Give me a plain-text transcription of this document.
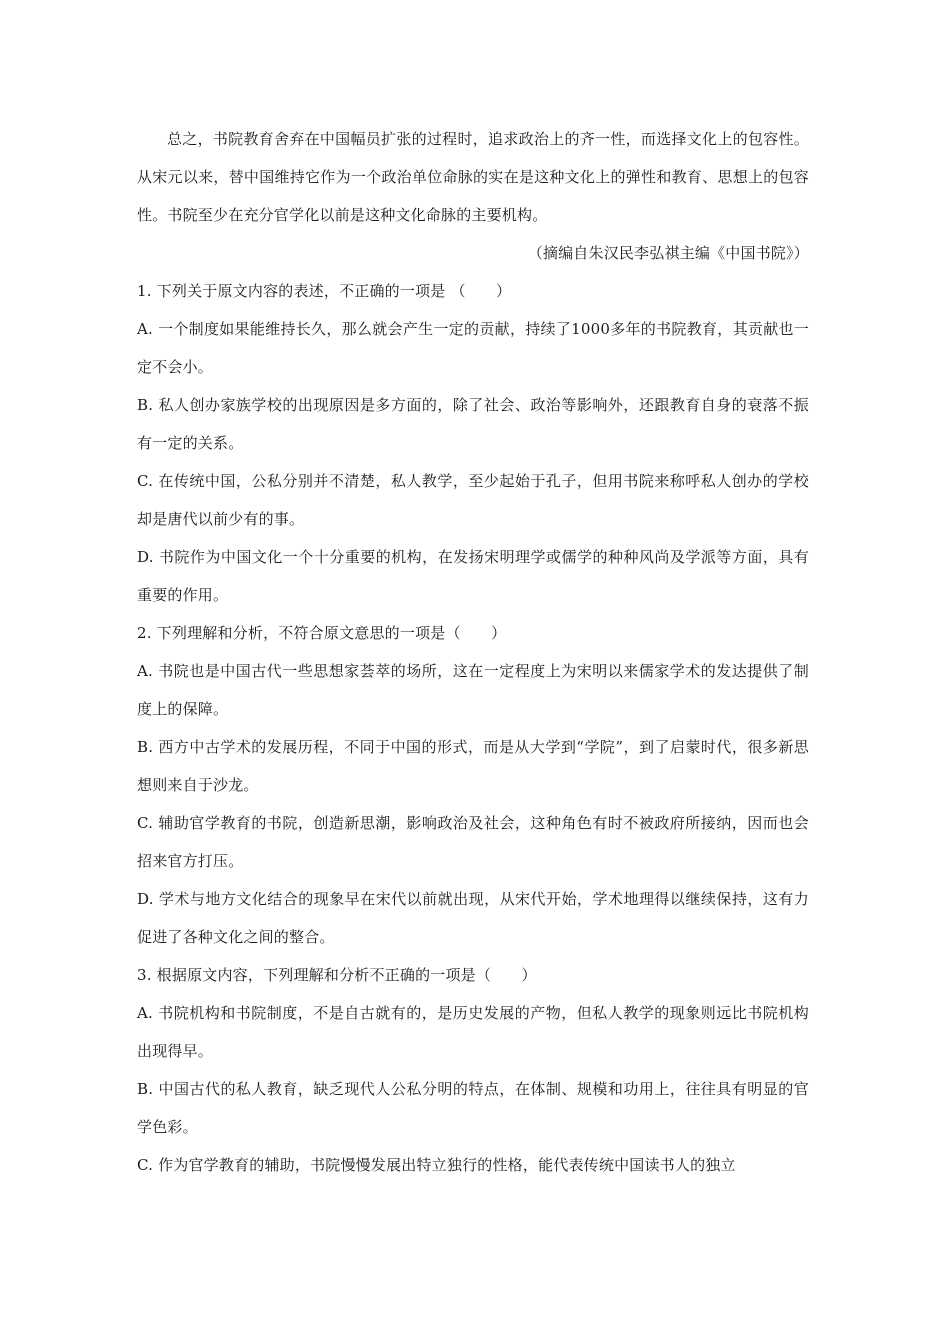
总之，书院教育舍弃在中国幅员扩张的过程时，追求政治上的齐一性，而选择文化上的包容性。从宋元以来，替中国维持它作为一个政治单位命脉的实在是这种文化上的弹性和教育、思想上的包容性。书院至少在充分官学化以前是这种文化命脉的主要机构。

（摘编自朱汉民李弘祺主编《中国书院》）

1. 下列关于原文内容的表述，不正确的一项是 （　　）

A. 一个制度如果能维持长久，那么就会产生一定的贡献，持续了1000多年的书院教育，其贡献也一定不会小。

B. 私人创办家族学校的出现原因是多方面的，除了社会、政治等影响外，还跟教育自身的衰落不振有一定的关系。

C. 在传统中国，公私分别并不清楚，私人教学，至少起始于孔子，但用书院来称呼私人创办的学校却是唐代以前少有的事。

D. 书院作为中国文化一个十分重要的机构，在发扬宋明理学或儒学的种种风尚及学派等方面，具有重要的作用。

2. 下列理解和分析，不符合原文意思的一项是（　　）

A. 书院也是中国古代一些思想家荟萃的场所，这在一定程度上为宋明以来儒家学术的发达提供了制度上的保障。

B. 西方中古学术的发展历程，不同于中国的形式，而是从大学到“学院”，到了启蒙时代，很多新思想则来自于沙龙。

C. 辅助官学教育的书院，创造新思潮，影响政治及社会，这种角色有时不被政府所接纳，因而也会招来官方打压。

D. 学术与地方文化结合的现象早在宋代以前就出现，从宋代开始，学术地理得以继续保持，这有力促进了各种文化之间的整合。

3. 根据原文内容，下列理解和分析不正确的一项是（　　）

A. 书院机构和书院制度，不是自古就有的，是历史发展的产物，但私人教学的现象则远比书院机构出现得早。

B. 中国古代的私人教育，缺乏现代人公私分明的特点，在体制、规模和功用上，往往具有明显的官学色彩。

C. 作为官学教育的辅助，书院慢慢发展出特立独行的性格，能代表传统中国读书人的独立
